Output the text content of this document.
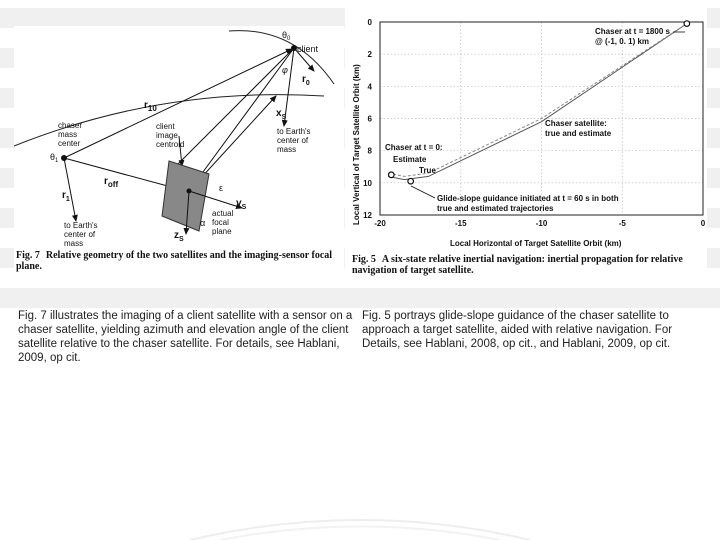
$\theta_0$
client
φ
$r_0$
$r_{10}$	$x_S$
to Earth's center of mass
chaser mass center
client image centroid
$\theta_1$
$r_{off}$
$r_1$
to Earth's center of mass
ε
$y_S$
α
$z_S$
actual focal plane
Fig. 7 Relative geometry of the two satellites and the imaging-sensor focal plane.
-20	-15	-10	-5	0
0
2
4
6
8
10
12
Local Vertical of Target Satellite Orbit (km)
Local Horizontal of Target Satellite Orbit (km)
Chaser at t = 1800 s
@ (-1, 0. 1) km
Chaser satellite:
true and estimate
Chaser at t = 0:
Estimate
True
Glide-slope guidance initiated at t = 60 s in both
true and estimated trajectories
Fig. 5 A six-state relative inertial navigation: inertial propagation for relative navigation of target satellite.
Fig. 7 illustrates the imaging of a client satellite with a sensor on a chaser satellite, yielding azimuth and elevation angle of the client satellite relative to the chaser satellite. For details, see Hablani, 2009, op cit.
Fig. 5 portrays glide-slope guidance of the chaser satellite to approach a target satellite, aided with relative navigation. For Details, see Hablani, 2008, op cit., and Hablani, 2009, op cit.
